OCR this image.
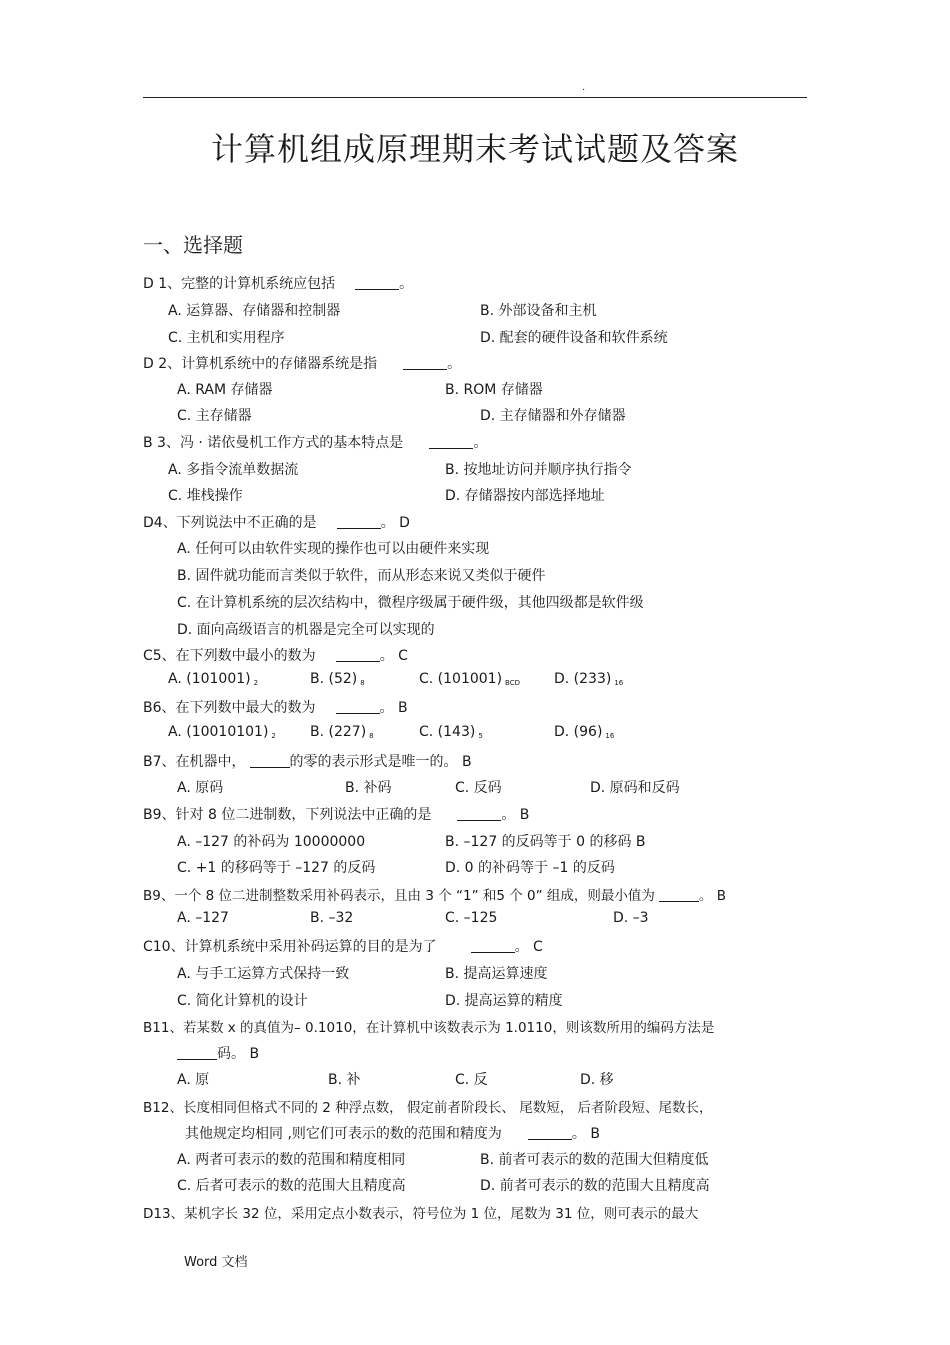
.
计算机组成原理期末考试试题及答案
一、选择题
D 1、完整的计算机系统应包括	。
A. 运算器、存储器和控制器	B. 外部设备和主机
C. 主机和实用程序	D. 配套的硬件设备和软件系统
D 2、计算机系统中的存储器系统是指	。
A. RAM 存储器	B. ROM 存储器
C. 主存储器	D. 主存储器和外存储器
B 3、冯 · 诺依曼机工作方式的基本特点是	。
A. 多指令流单数据流	B. 按地址访问并顺序执行指令
C. 堆栈操作	D. 存储器按内部选择地址
D4、下列说法中不正确的是	。 D
A. 任何可以由软件实现的操作也可以由硬件来实现
B. 固件就功能而言类似于软件，而从形态来说又类似于硬件
C. 在计算机系统的层次结构中，微程序级属于硬件级，其他四级都是软件级
D. 面向高级语言的机器是完全可以实现的
C5、在下列数中最小的数为	。 C
A. (101001) $_2$	B. (52) $_8$	C. (101001) $_{BCD}$ D. (233) $_{16}$
B6、在下列数中最大的数为	。 B
A. (10010101) $_2$ B. (227) $_8$	C. (143) $_5$	D. (96) $_{16}$
B7、在机器中，	的零的表示形式是唯一的。 B
A. 原码	B. 补码	C. 反码	D. 原码和反码
B9、针对 8 位二进制数，下列说法中正确的是	。 B
A. –127 的补码为 10000000	B. –127 的反码等于 0 的移码 B
C. +1 的移码等于 –127 的反码	D. 0 的补码等于 –1 的反码
B9、一个 8 位二进制整数采用补码表示，且由 3 个 “1” 和5 个 0” 组成，则最小值为	。 B
A. –127	B. –32	C. –125	D. –3
C10、计算机系统中采用补码运算的目的是为了	。 C
A. 与手工运算方式保持一致	B. 提高运算速度
C. 简化计算机的设计	D. 提高运算的精度
B11、若某数 x 的真值为– 0.1010，在计算机中该数表示为 1.0110，则该数所用的编码方法是
码。 B
A. 原	B. 补	C. 反	D. 移
B12、长度相同但格式不同的 2 种浮点数， 假定前者阶段长、 尾数短， 后者阶段短、尾数长，
其他规定均相同 ,则它们可表示的数的范围和精度为	。 B
A. 两者可表示的数的范围和精度相同	B. 前者可表示的数的范围大但精度低
C. 后者可表示的数的范围大且精度高	D. 前者可表示的数的范围大且精度高
D13、某机字长 32 位，采用定点小数表示，符号位为 1 位，尾数为 31 位，则可表示的最大
Word 文档
